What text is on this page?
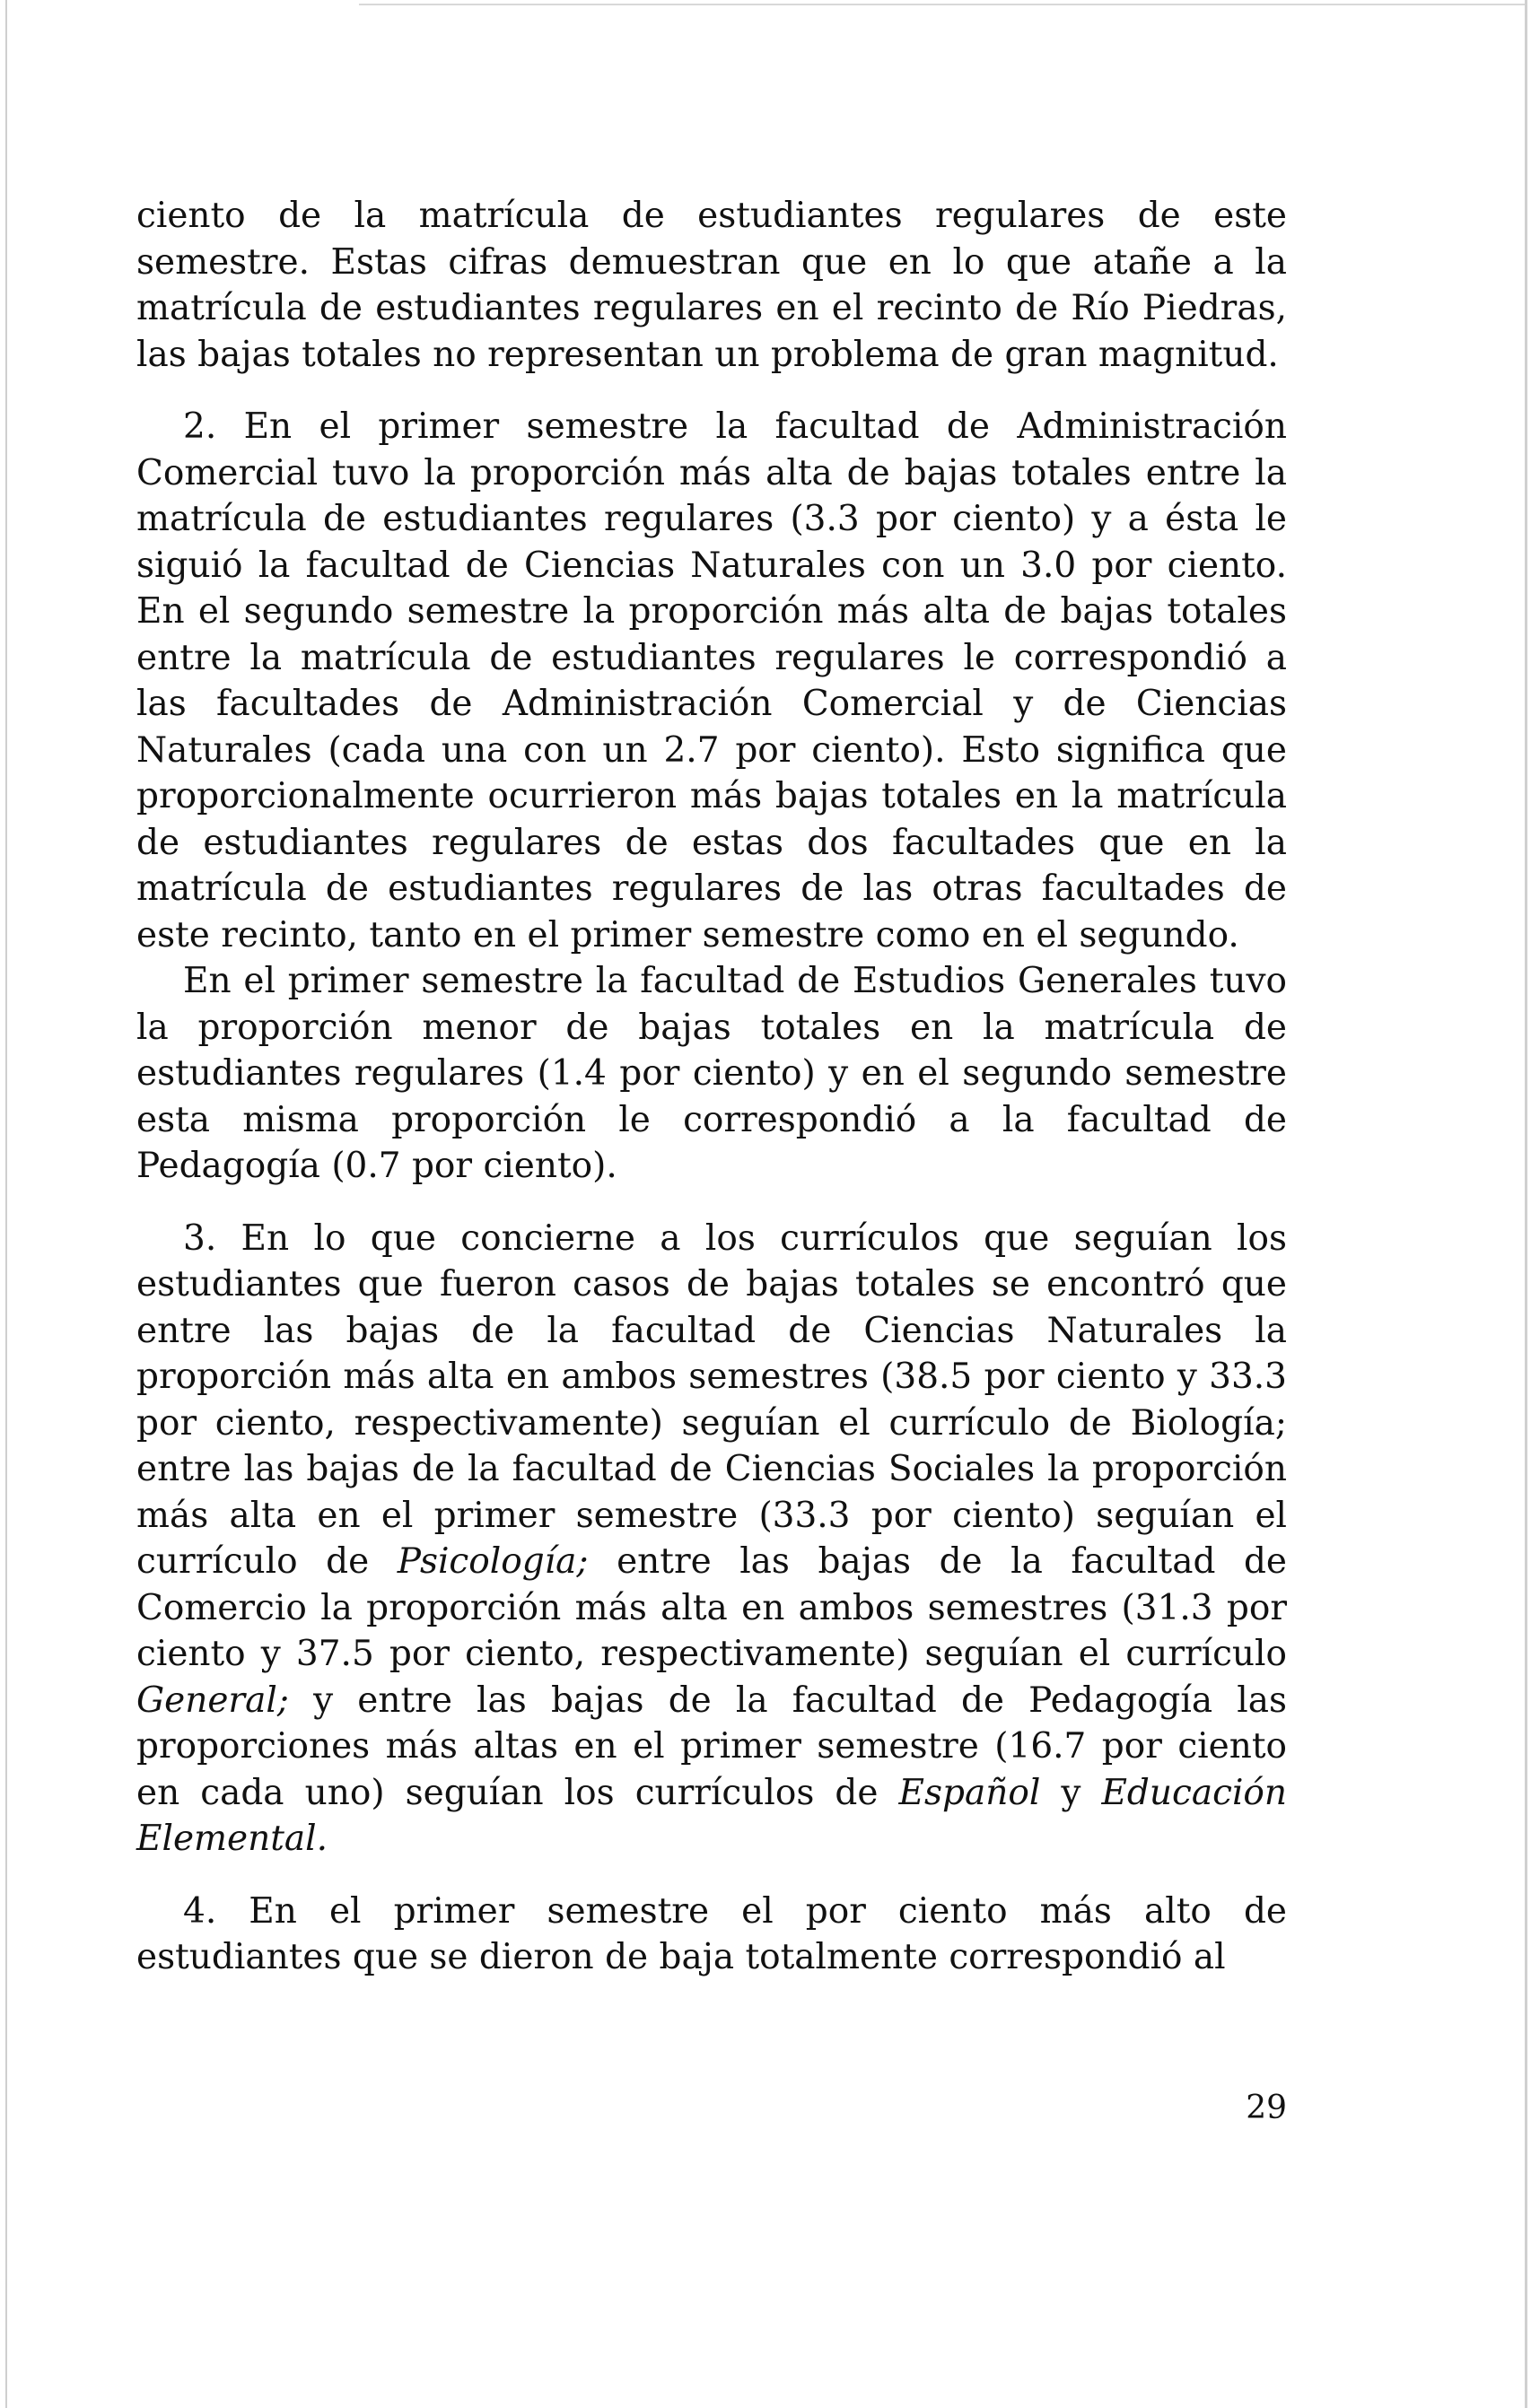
ciento de la matrícula de estudiantes regulares de este semestre. Estas cifras demuestran que en lo que atañe a la matrícula de estudiantes regulares en el recinto de Río Piedras, las bajas totales no representan un problema de gran magnitud.

2. En el primer semestre la facultad de Administración Comercial tuvo la proporción más alta de bajas totales entre la matrícula de estudiantes regulares (3.3 por ciento) y a ésta le siguió la facultad de Ciencias Naturales con un 3.0 por ciento. En el segundo semestre la proporción más alta de bajas totales entre la matrícula de estudiantes regulares le correspondió a las facultades de Administración Comercial y de Ciencias Naturales (cada una con un 2.7 por ciento). Esto significa que proporcionalmente ocurrieron más bajas totales en la matrícula de estudiantes regulares de estas dos facultades que en la matrícula de estudiantes regulares de las otras facultades de este recinto, tanto en el primer semestre como en el segundo.

En el primer semestre la facultad de Estudios Generales tuvo la proporción menor de bajas totales en la matrícula de estudiantes regulares (1.4 por ciento) y en el segundo semestre esta misma proporción le correspondió a la facultad de Pedagogía (0.7 por ciento).

3. En lo que concierne a los currículos que seguían los estudiantes que fueron casos de bajas totales se encontró que entre las bajas de la facultad de Ciencias Naturales la proporción más alta en ambos semestres (38.5 por ciento y 33.3 por ciento, respectivamente) seguían el currículo de Biología; entre las bajas de la facultad de Ciencias Sociales la proporción más alta en el primer semestre (33.3 por ciento) seguían el currículo de Psicología; entre las bajas de la facultad de Comercio la proporción más alta en ambos semestres (31.3 por ciento y 37.5 por ciento, respectivamente) seguían el currículo General; y entre las bajas de la facultad de Pedagogía las proporciones más altas en el primer semestre (16.7 por ciento en cada uno) seguían los currículos de Español y Educación Elemental.

4. En el primer semestre el por ciento más alto de estudiantes que se dieron de baja totalmente correspondió al

29
